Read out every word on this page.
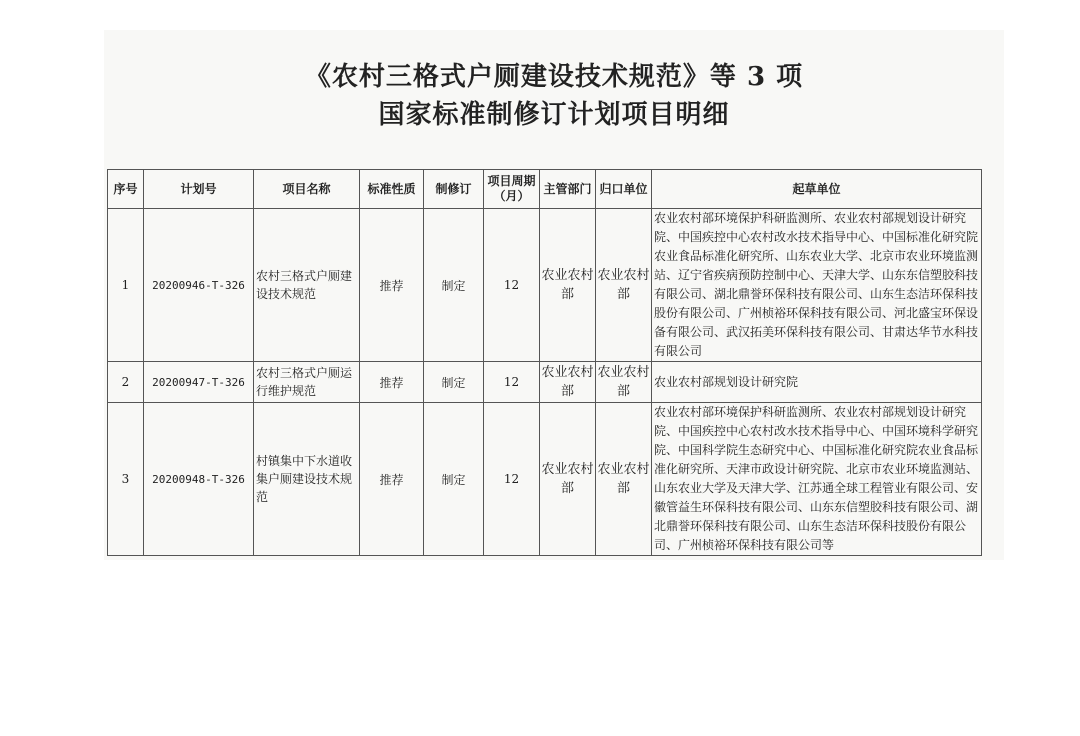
《农村三格式户厕建设技术规范》等 3 项
国家标准制修订计划项目明细
序号	计划号	项目名称	标准性质	制修订	项目周期（月）	主管部门	归口单位	起草单位
1	20200946-T-326	农村三格式户厕建设技术规范	推荐	制定	12	农业农村部	农业农村部	农业农村部环境保护科研监测所、农业农村部规划设计研究院、中国疾控中心农村改水技术指导中心、中国标准化研究院农业食品标准化研究所、山东农业大学、北京市农业环境监测站、辽宁省疾病预防控制中心、天津大学、山东东信塑胶科技有限公司、湖北鼎誉环保科技有限公司、山东生态洁环保科技股份有限公司、广州桢裕环保科技有限公司、河北盛宝环保设备有限公司、武汉拓美环保科技有限公司、甘肃达华节水科技有限公司
2	20200947-T-326	农村三格式户厕运行维护规范	推荐	制定	12	农业农村部	农业农村部	农业农村部规划设计研究院
3	20200948-T-326	村镇集中下水道收集户厕建设技术规范	推荐	制定	12	农业农村部	农业农村部	农业农村部环境保护科研监测所、农业农村部规划设计研究院、中国疾控中心农村改水技术指导中心、中国环境科学研究院、中国科学院生态研究中心、中国标准化研究院农业食品标准化研究所、天津市政设计研究院、北京市农业环境监测站、山东农业大学及天津大学、江苏通全球工程管业有限公司、安徽管益生环保科技有限公司、山东东信塑胶科技有限公司、湖北鼎誉环保科技有限公司、山东生态洁环保科技股份有限公司、广州桢裕环保科技有限公司等
